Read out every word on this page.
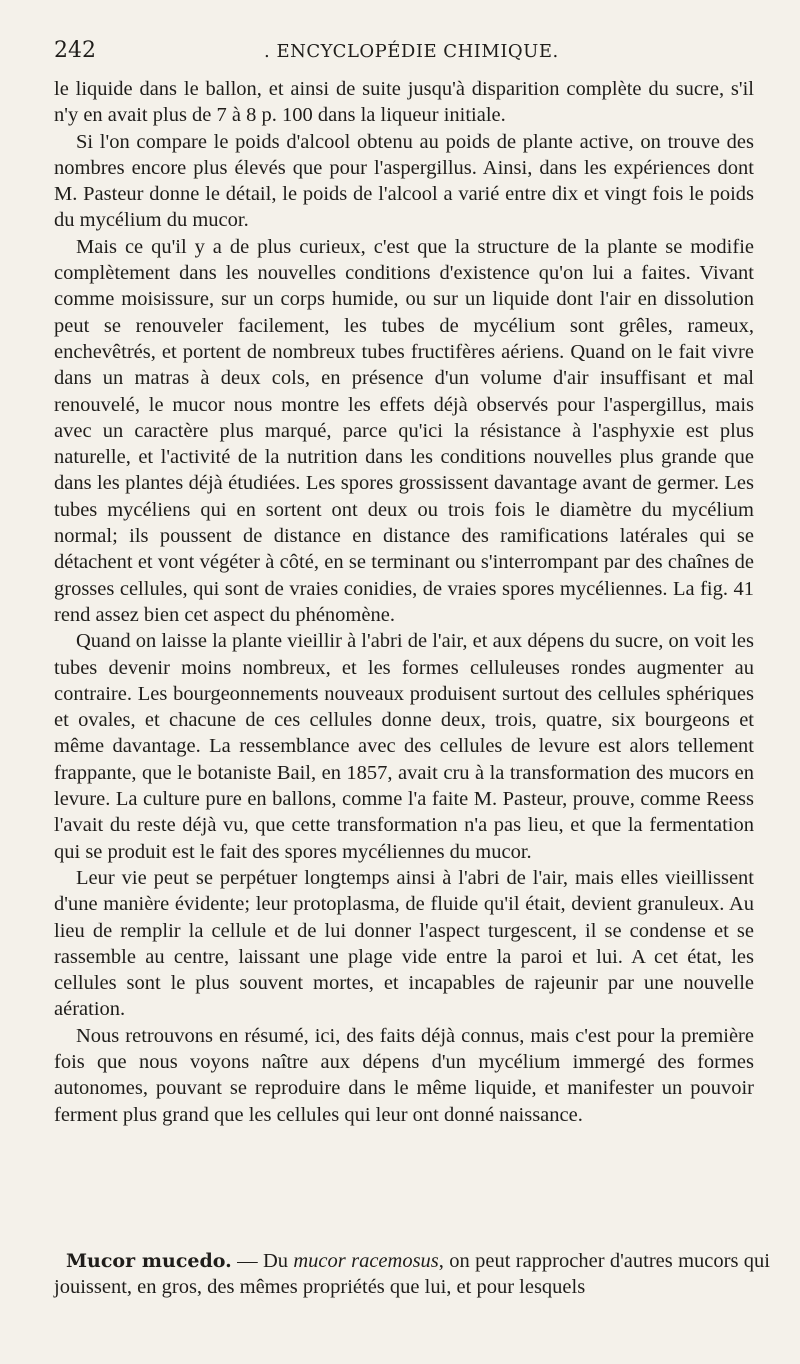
242	. ENCYCLOPÉDIE CHIMIQUE.

le liquide dans le ballon, et ainsi de suite jusqu'à disparition complète du sucre, s'il n'y en avait plus de 7 à 8 p. 100 dans la liqueur initiale.

Si l'on compare le poids d'alcool obtenu au poids de plante active, on trouve des nombres encore plus élevés que pour l'aspergillus. Ainsi, dans les expériences dont M. Pasteur donne le détail, le poids de l'alcool a varié entre dix et vingt fois le poids du mycélium du mucor.

Mais ce qu'il y a de plus curieux, c'est que la structure de la plante se modifie complètement dans les nouvelles conditions d'existence qu'on lui a faites. Vivant comme moisissure, sur un corps humide, ou sur un liquide dont l'air en dissolution peut se renouveler facilement, les tubes de mycélium sont grêles, rameux, enchevêtrés, et portent de nombreux tubes fructifères aériens. Quand on le fait vivre dans un matras à deux cols, en présence d'un volume d'air insuffisant et mal renouvelé, le mucor nous montre les effets déjà observés pour l'aspergillus, mais avec un caractère plus marqué, parce qu'ici la résistance à l'asphyxie est plus naturelle, et l'activité de la nutrition dans les conditions nouvelles plus grande que dans les plantes déjà étudiées. Les spores grossissent davantage avant de germer. Les tubes mycéliens qui en sortent ont deux ou trois fois le diamètre du mycélium normal; ils poussent de distance en distance des ramifications latérales qui se détachent et vont végéter à côté, en se terminant ou s'interrompant par des chaînes de grosses cellules, qui sont de vraies conidies, de vraies spores mycéliennes. La fig. 41 rend assez bien cet aspect du phénomène.

Quand on laisse la plante vieillir à l'abri de l'air, et aux dépens du sucre, on voit les tubes devenir moins nombreux, et les formes celluleuses rondes augmenter au contraire. Les bourgeonnements nouveaux produisent surtout des cellules sphériques et ovales, et chacune de ces cellules donne deux, trois, quatre, six bourgeons et même davantage. La ressemblance avec des cellules de levure est alors tellement frappante, que le botaniste Bail, en 1857, avait cru à la transformation des mucors en levure. La culture pure en ballons, comme l'a faite M. Pasteur, prouve, comme Reess l'avait du reste déjà vu, que cette transformation n'a pas lieu, et que la fermentation qui se produit est le fait des spores mycéliennes du mucor.

Leur vie peut se perpétuer longtemps ainsi à l'abri de l'air, mais elles vieillissent d'une manière évidente; leur protoplasma, de fluide qu'il était, devient granuleux. Au lieu de remplir la cellule et de lui donner l'aspect turgescent, il se condense et se rassemble au centre, laissant une plage vide entre la paroi et lui. A cet état, les cellules sont le plus souvent mortes, et incapables de rajeunir par une nouvelle aération.

Nous retrouvons en résumé, ici, des faits déjà connus, mais c'est pour la première fois que nous voyons naître aux dépens d'un mycélium immergé des formes autonomes, pouvant se reproduire dans le même liquide, et manifester un pouvoir ferment plus grand que les cellules qui leur ont donné naissance.

Mucor mucedo. — Du mucor racemosus, on peut rapprocher d'autres mucors qui jouissent, en gros, des mêmes propriétés que lui, et pour lesquels
